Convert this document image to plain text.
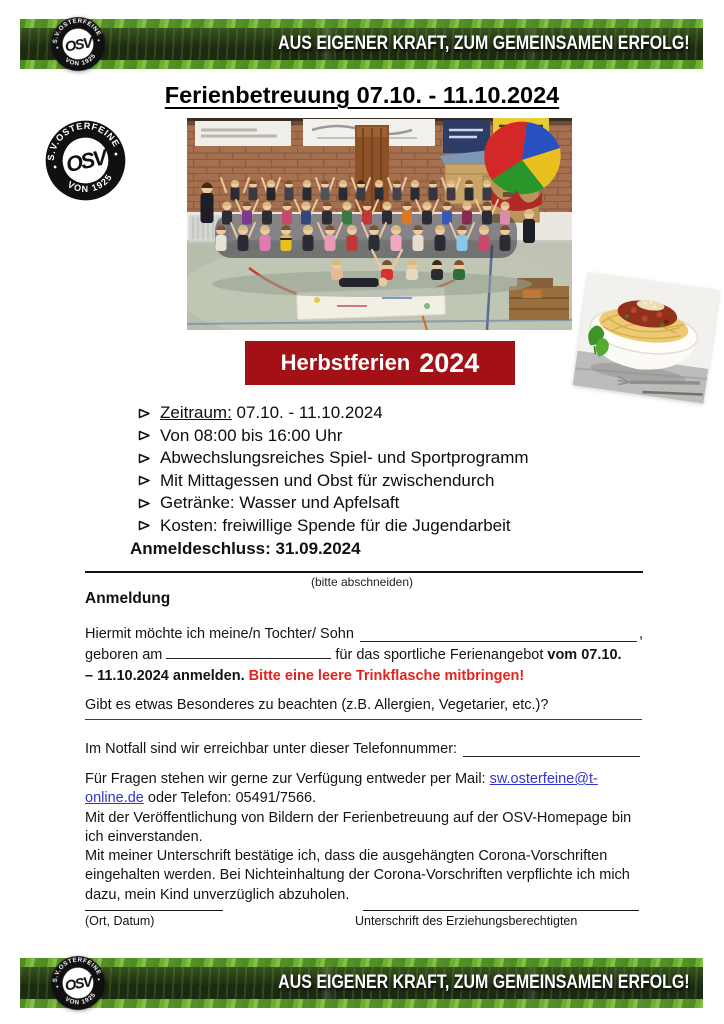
AUS EIGENER KRAFT, ZUM GEMEINSAMEN ERFOLG!
Ferienbetreuung 07.10. - 11.10.2024
Herbstferien 2024
Zeitraum: 07.10. - 11.10.2024
Von 08:00 bis 16:00 Uhr
Abwechslungsreiches Spiel- und Sportprogramm
Mit Mittagessen und Obst für zwischendurch
Getränke: Wasser und Apfelsaft
Kosten: freiwillige Spende für die Jugendarbeit
Anmeldeschluss: 31.09.2024
(bitte abschneiden)
Anmeldung
Hiermit möchte ich meine/n Tochter/ Sohn	,
geboren am	für das sportliche Ferienangebot vom 07.10.
– 11.10.2024 anmelden. Bitte eine leere Trinkflasche mitbringen!
Gibt es etwas Besonderes zu beachten (z.B. Allergien, Vegetarier, etc.)?
Im Notfall sind wir erreichbar unter dieser Telefonnummer:
Für Fragen stehen wir gerne zur Verfügung entweder per Mail: sw.osterfeine@t-
online.de oder Telefon: 05491/7566.
Mit der Veröffentlichung von Bildern der Ferienbetreuung auf der OSV-Homepage bin ich einverstanden.
Mit meiner Unterschrift bestätige ich, dass die ausgehängten Corona-Vorschriften eingehalten werden. Bei Nichteinhaltung der Corona-Vorschriften verpflichte ich mich dazu, mein Kind unverzüglich abzuholen.
(Ort, Datum)	Unterschrift des Erziehungsberechtigten
AUS EIGENER KRAFT, ZUM GEMEINSAMEN ERFOLG!
